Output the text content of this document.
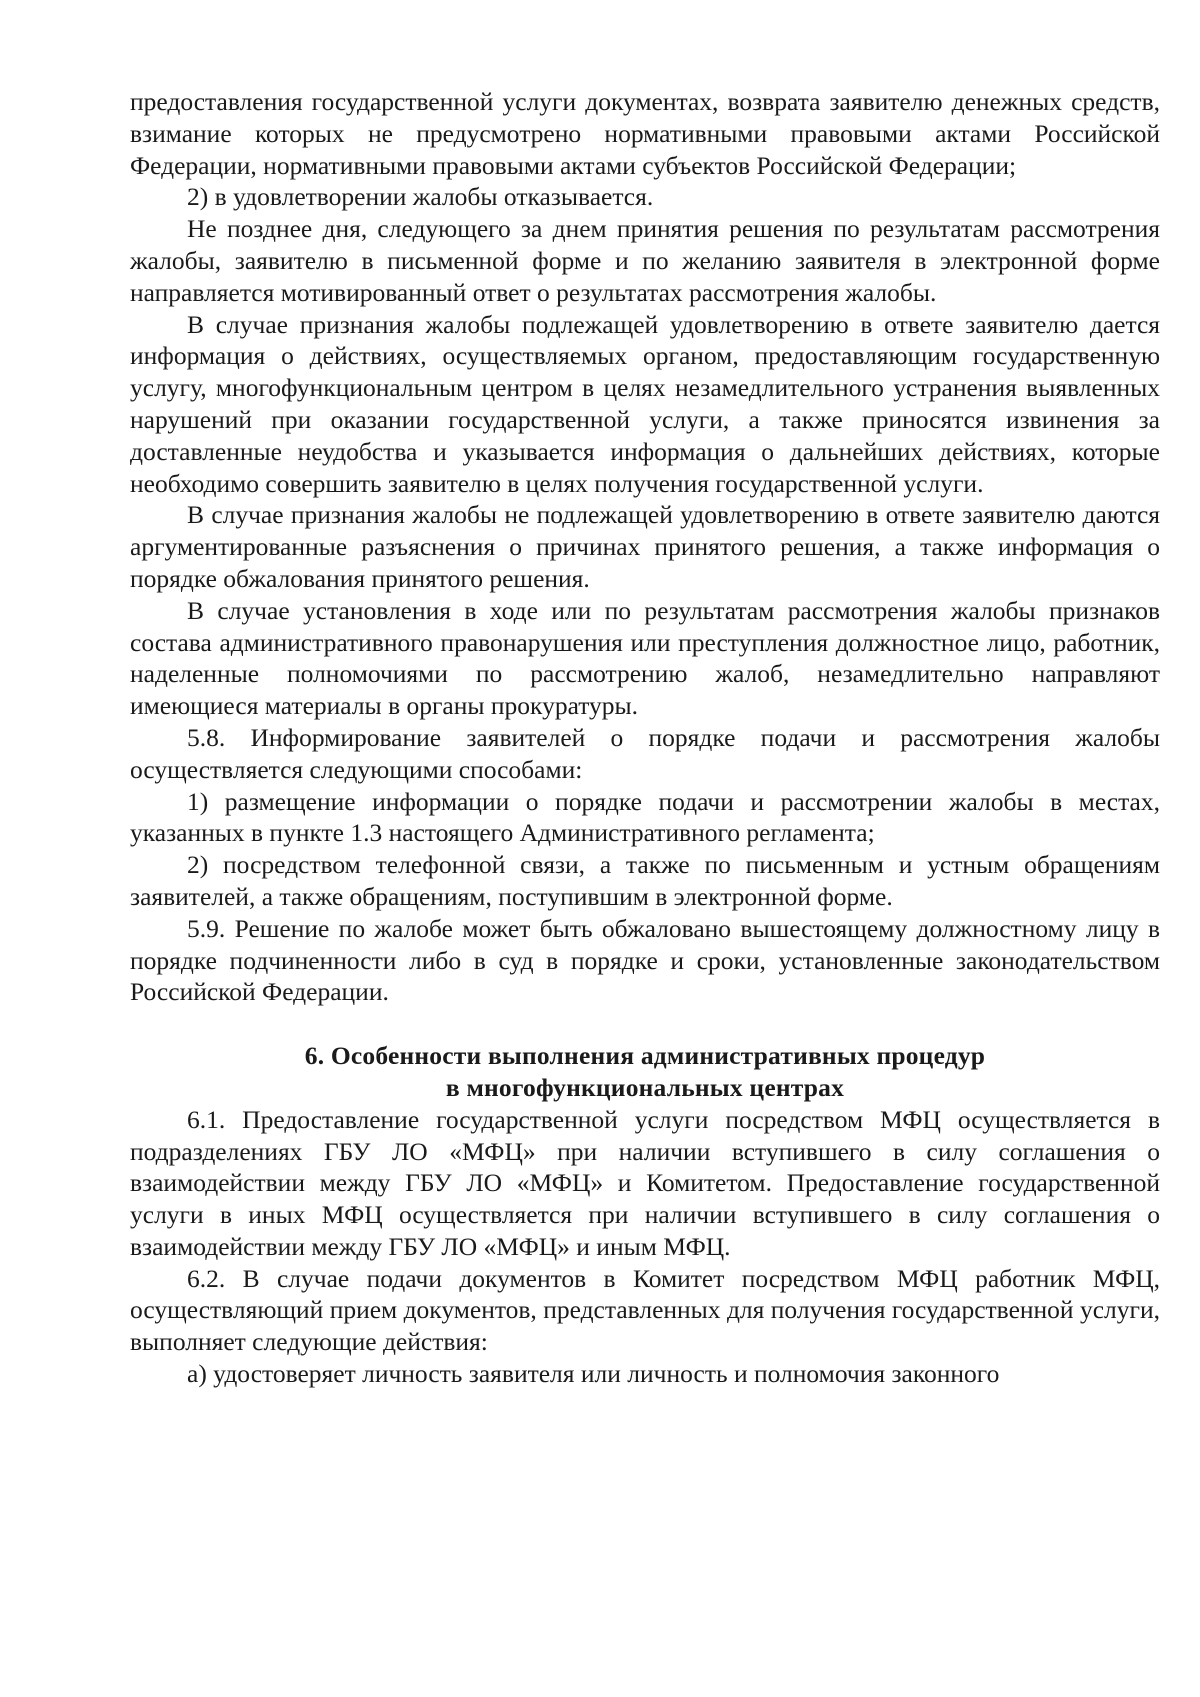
предоставления государственной услуги документах, возврата заявителю денежных средств, взимание которых не предусмотрено нормативными правовыми актами Российской Федерации, нормативными правовыми актами субъектов Российской Федерации;

2) в удовлетворении жалобы отказывается.

Не позднее дня, следующего за днем принятия решения по результатам рассмотрения жалобы, заявителю в письменной форме и по желанию заявителя в электронной форме направляется мотивированный ответ о результатах рассмотрения жалобы.

В случае признания жалобы подлежащей удовлетворению в ответе заявителю дается информация о действиях, осуществляемых органом, предоставляющим государственную услугу, многофункциональным центром в целях незамедлительного устранения выявленных нарушений при оказании государственной услуги, а также приносятся извинения за доставленные неудобства и указывается информация о дальнейших действиях, которые необходимо совершить заявителю в целях получения государственной услуги.

В случае признания жалобы не подлежащей удовлетворению в ответе заявителю даются аргументированные разъяснения о причинах принятого решения, а также информация о порядке обжалования принятого решения.

В случае установления в ходе или по результатам рассмотрения жалобы признаков состава административного правонарушения или преступления должностное лицо, работник, наделенные полномочиями по рассмотрению жалоб, незамедлительно направляют имеющиеся материалы в органы прокуратуры.

5.8. Информирование заявителей о порядке подачи и рассмотрения жалобы осуществляется следующими способами:

1) размещение информации о порядке подачи и рассмотрении жалобы в местах, указанных в пункте 1.3 настоящего Административного регламента;

2) посредством телефонной связи, а также по письменным и устным обращениям заявителей, а также обращениям, поступившим в электронной форме.

5.9. Решение по жалобе может быть обжаловано вышестоящему должностному лицу в порядке подчиненности либо в суд в порядке и сроки, установленные законодательством Российской Федерации.

6. Особенности выполнения административных процедур
в многофункциональных центрах

6.1. Предоставление государственной услуги посредством МФЦ осуществляется в подразделениях ГБУ ЛО «МФЦ» при наличии вступившего в силу соглашения о взаимодействии между ГБУ ЛО «МФЦ» и Комитетом. Предоставление государственной услуги в иных МФЦ осуществляется при наличии вступившего в силу соглашения о взаимодействии между ГБУ ЛО «МФЦ» и иным МФЦ.

6.2. В случае подачи документов в Комитет посредством МФЦ работник МФЦ, осуществляющий прием документов, представленных для получения государственной услуги, выполняет следующие действия:

а) удостоверяет личность заявителя или личность и полномочия законного
